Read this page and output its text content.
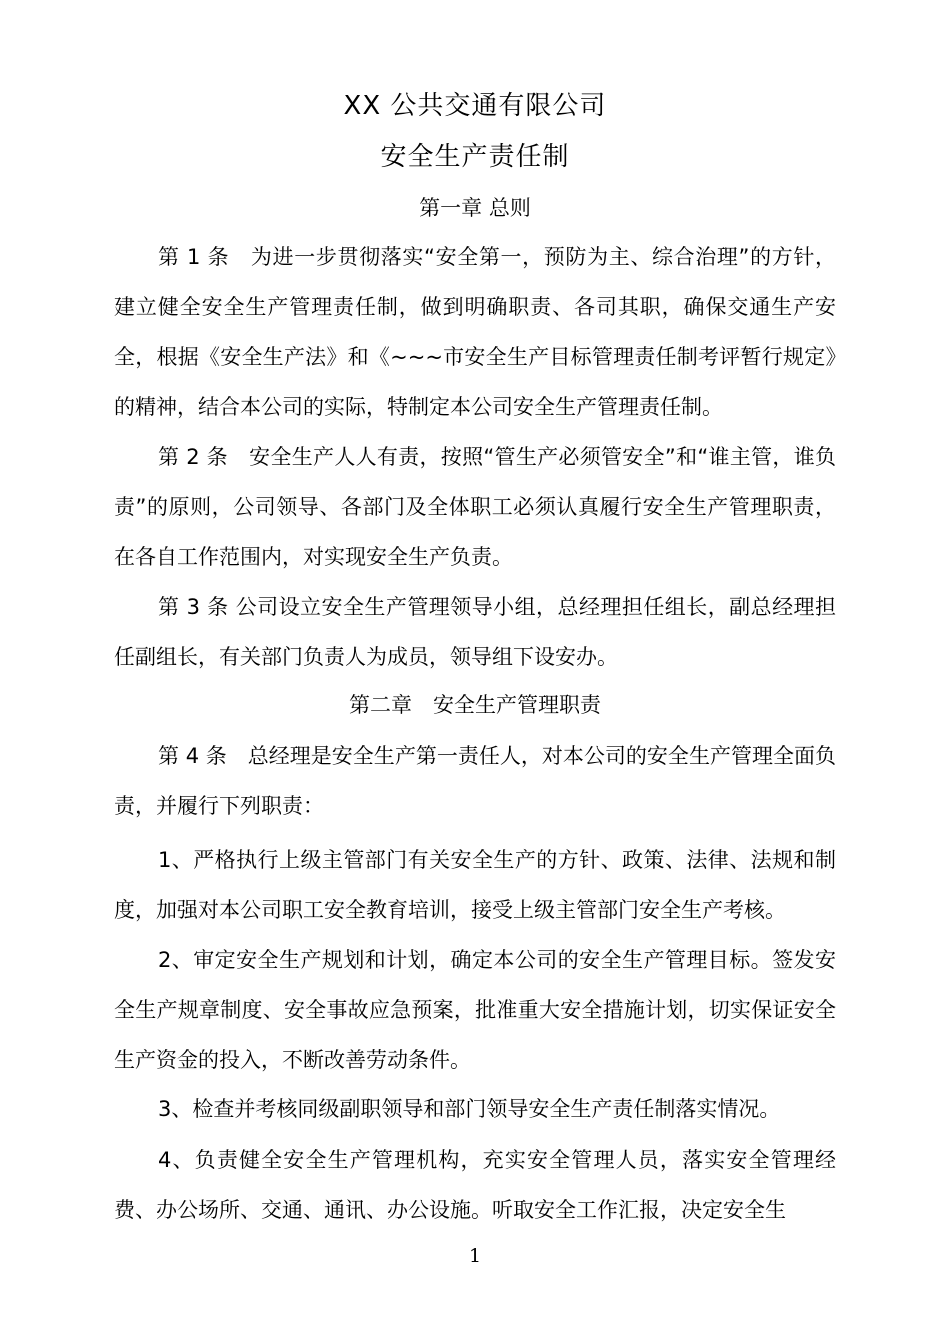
XX 公共交通有限公司
安全生产责任制
第一章 总则
第 1 条　为进一步贯彻落实“安全第一，预防为主、综合治理”的方针，建立健全安全生产管理责任制，做到明确职责、各司其职，确保交通生产安全，根据《安全生产法》和《~~~市安全生产目标管理责任制考评暂行规定》的精神，结合本公司的实际，特制定本公司安全生产管理责任制。
第 2 条　安全生产人人有责，按照“管生产必须管安全”和“谁主管，谁负责”的原则，公司领导、各部门及全体职工必须认真履行安全生产管理职责，在各自工作范围内，对实现安全生产负责。
第 3 条 公司设立安全生产管理领导小组，总经理担任组长，副总经理担任副组长，有关部门负责人为成员，领导组下设安办。
第二章　安全生产管理职责
第 4 条　总经理是安全生产第一责任人，对本公司的安全生产管理全面负责，并履行下列职责：
1、严格执行上级主管部门有关安全生产的方针、政策、法律、法规和制度，加强对本公司职工安全教育培训，接受上级主管部门安全生产考核。
2、审定安全生产规划和计划，确定本公司的安全生产管理目标。签发安全生产规章制度、安全事故应急预案，批准重大安全措施计划，切实保证安全生产资金的投入，不断改善劳动条件。
3、检查并考核同级副职领导和部门领导安全生产责任制落实情况。
4、负责健全安全生产管理机构，充实安全管理人员，落实安全管理经费、办公场所、交通、通讯、办公设施。听取安全工作汇报，决定安全生
1
